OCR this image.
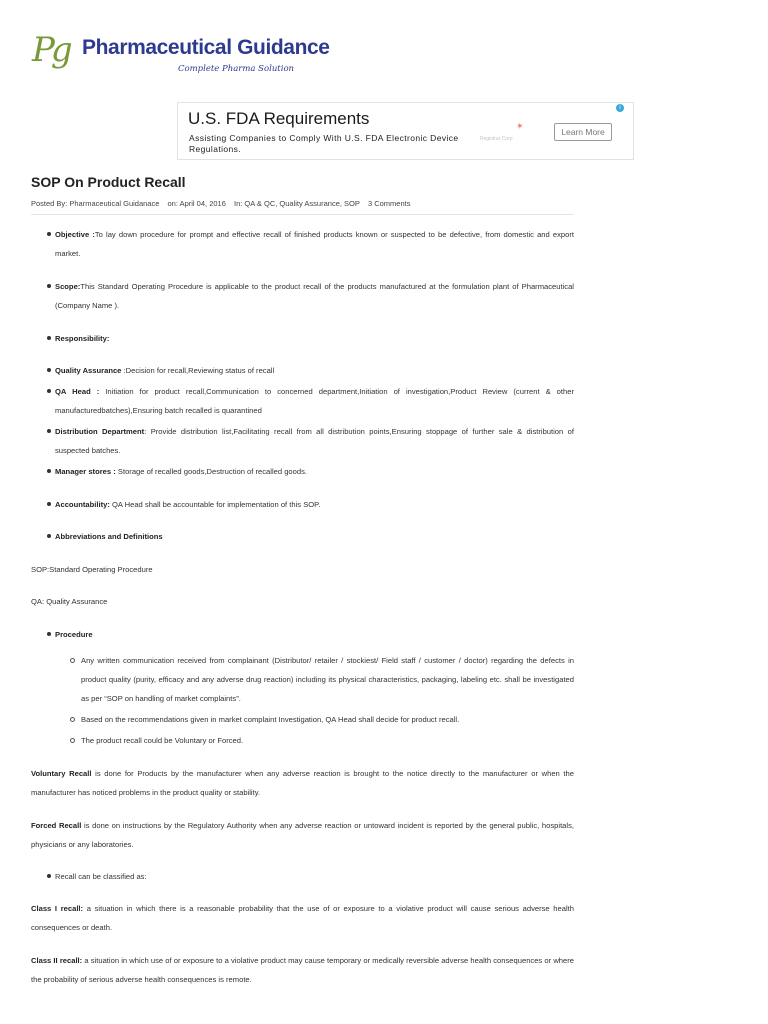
Pg Pharmaceutical Guidance
Complete Pharma Solution
U.S. FDA Requirements
Assisting Companies to Comply With U.S. FDA Electronic Device Regulations.
✶
Registrar Corp
Learn More
i
SOP On Product Recall
Posted By: Pharmaceutical Guidanace on: April 04, 2016 In: QA & QC, Quality Assurance, SOP 3 Comments
Objective :To lay down procedure for prompt and effective recall of finished products known or suspected to be defective, from domestic and export market.
Scope:This Standard Operating Procedure is applicable to the product recall of the products manufactured at the formulation plant of Pharmaceutical (Company Name ).
Responsibility:
Quality Assurance :Decision for recall,Reviewing status of recall
QA Head : Initiation for product recall,Communication to concerned department,Initiation of investigation,Product Review (current & other manufacturedbatches),Ensuring batch recalled is quarantined
Distribution Department: Provide distribution list,Facilitating recall from all distribution points,Ensuring stoppage of further sale & distribution of suspected batches.
Manager stores : Storage of recalled goods,Destruction of recalled goods.
Accountability: QA Head shall be accountable for implementation of this SOP.
Abbreviations and Definitions
SOP:Standard Operating Procedure
QA: Quality Assurance
Procedure
Any written communication received from complainant (Distributor/ retailer / stockiest/ Field staff / customer / doctor) regarding the defects in product quality (purity, efficacy and any adverse drug reaction) including its physical characteristics, packaging, labeling etc. shall be investigated as per “SOP on handling of market complaints”.
Based on the recommendations given in market complaint Investigation, QA Head shall decide for product recall.
The product recall could be Voluntary or Forced.
Voluntary Recall is done for Products by the manufacturer when any adverse reaction is brought to the notice directly to the manufacturer or when the manufacturer has noticed problems in the product quality or stability.
Forced Recall is done on instructions by the Regulatory Authority when any adverse reaction or untoward incident is reported by the general public, hospitals, physicians or any laboratories.
Recall can be classified as:
Class I recall: a situation in which there is a reasonable probability that the use of or exposure to a violative product will cause serious adverse health consequences or death.
Class II recall: a situation in which use of or exposure to a violative product may cause temporary or medically reversible adverse health consequences or where the probability of serious adverse health consequences is remote.
